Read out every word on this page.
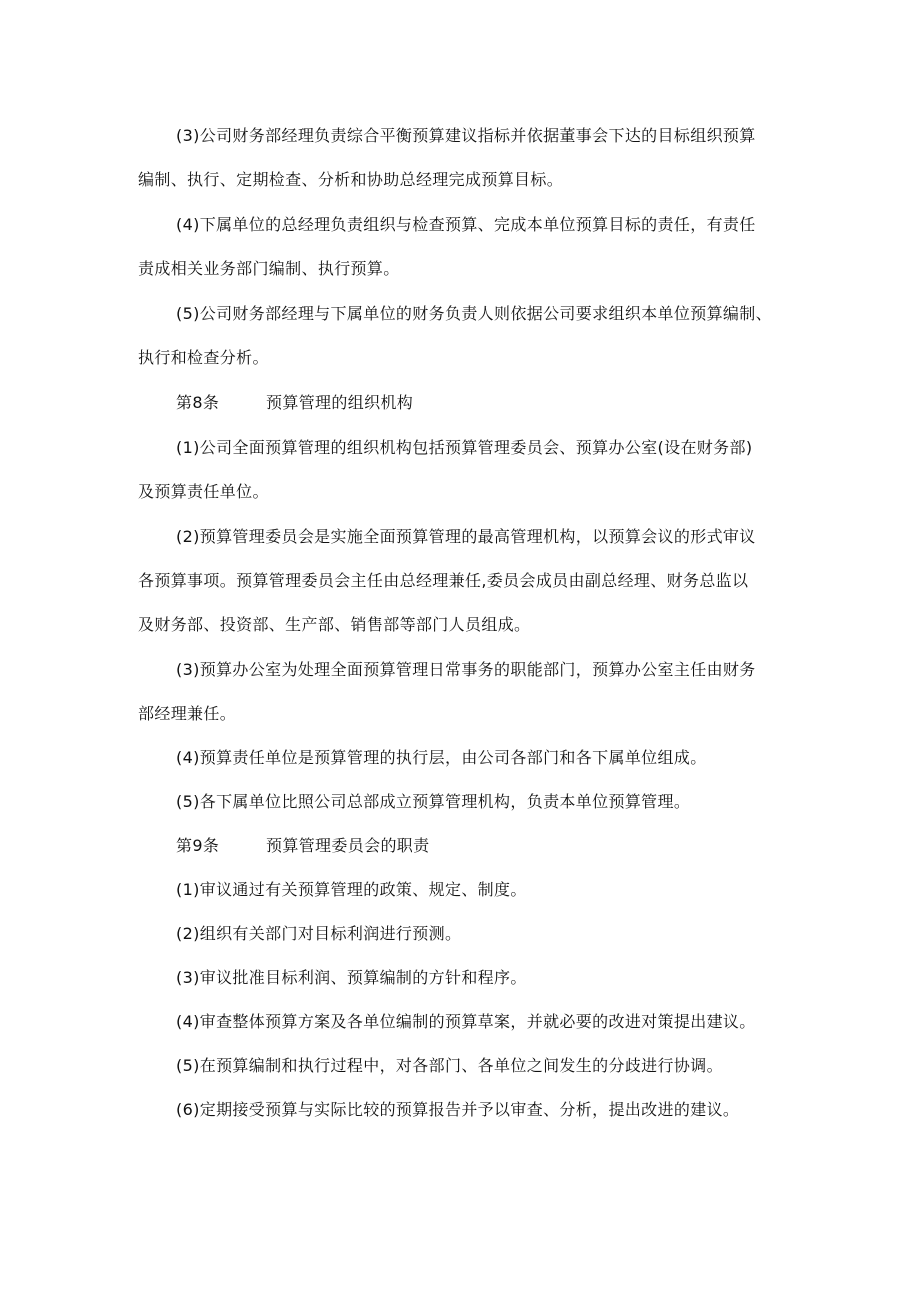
(3)公司财务部经理负责综合平衡预算建议指标并依据董事会下达的目标组织预算
编制、执行、定期检查、分析和协助总经理完成预算目标。
(4)下属单位的总经理负责组织与检查预算、完成本单位预算目标的责任，有责任
责成相关业务部门编制、执行预算。
(5)公司财务部经理与下属单位的财务负责人则依据公司要求组织本单位预算编制、
执行和检查分析。
第8条	预算管理的组织机构
(1)公司全面预算管理的组织机构包括预算管理委员会、预算办公室(设在财务部)
及预算责任单位。
(2)预算管理委员会是实施全面预算管理的最高管理机构，以预算会议的形式审议
各预算事项。预算管理委员会主任由总经理兼任,委员会成员由副总经理、财务总监以
及财务部、投资部、生产部、销售部等部门人员组成。
(3)预算办公室为处理全面预算管理日常事务的职能部门，预算办公室主任由财务
部经理兼任。
(4)预算责任单位是预算管理的执行层，由公司各部门和各下属单位组成。
(5)各下属单位比照公司总部成立预算管理机构，负责本单位预算管理。
第9条	预算管理委员会的职责
(1)审议通过有关预算管理的政策、规定、制度。
(2)组织有关部门对目标利润进行预测。
(3)审议批准目标利润、预算编制的方针和程序。
(4)审查整体预算方案及各单位编制的预算草案，并就必要的改进对策提出建议。
(5)在预算编制和执行过程中，对各部门、各单位之间发生的分歧进行协调。
(6)定期接受预算与实际比较的预算报告并予以审查、分析，提出改进的建议。
